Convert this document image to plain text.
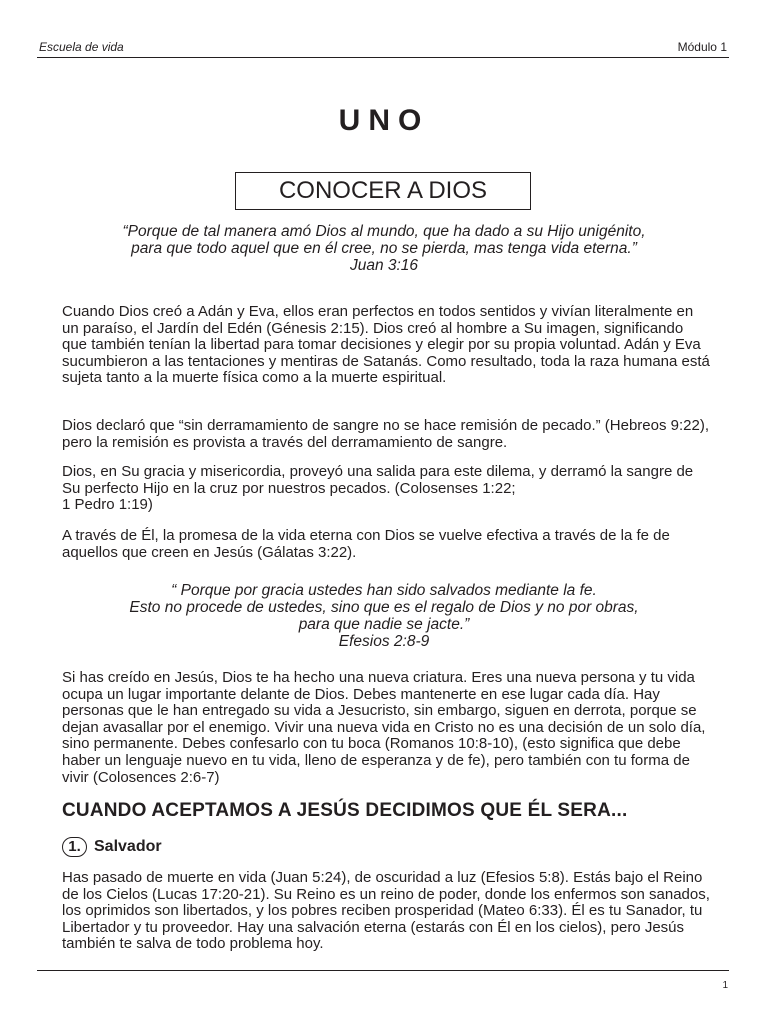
Escuela de vida	Módulo 1
UNO
CONOCER A DIOS
“Porque de tal manera amó Dios al mundo, que ha dado a su Hijo unigénito,
para que todo aquel que en él cree, no se pierda, mas tenga vida eterna.”
Juan 3:16
Cuando Dios creó a Adán y Eva, ellos eran perfectos en todos sentidos y vivían literalmente en un paraíso, el Jardín del Edén (Génesis 2:15). Dios creó al hombre a Su imagen, significando que también tenían la libertad para tomar decisiones y elegir por su propia voluntad. Adán y Eva sucumbieron a las tentaciones y mentiras de Satanás. Como resultado, toda la raza humana está sujeta tanto a la muerte física como a la muerte espiritual.
Dios declaró que “sin derramamiento de sangre no se hace remisión de pecado.” (Hebreos 9:22), pero la remisión es provista a través del derramamiento de sangre.
Dios, en Su gracia y misericordia, proveyó una salida para este dilema, y derramó la sangre de Su perfecto Hijo en la cruz por nuestros pecados. (Colosenses 1:22;
1 Pedro 1:19)
A través de Él, la promesa de la vida eterna con Dios se vuelve efectiva a través de la fe de aquellos que creen en Jesús (Gálatas 3:22).
“ Porque por gracia ustedes han sido salvados mediante la fe.
Esto no procede de ustedes, sino que es el regalo de Dios y no por obras,
para que nadie se jacte.”
Efesios 2:8-9
Si has creído en Jesús, Dios te ha hecho una nueva criatura. Eres una nueva persona y tu vida ocupa un lugar importante delante de Dios. Debes mantenerte en ese lugar cada día. Hay personas que le han entregado su vida a Jesucristo, sin embargo, siguen en derrota, porque se dejan avasallar por el enemigo. Vivir una nueva vida en Cristo no es una decisión de un solo día, sino permanente. Debes confesarlo con tu boca (Romanos 10:8-10), (esto significa que debe haber un lenguaje nuevo en tu vida, lleno de esperanza y de fe), pero también con tu forma de vivir (Colosences 2:6-7)
CUANDO ACEPTAMOS A JESÚS DECIDIMOS QUE ÉL SERA...
1. Salvador
Has pasado de muerte en vida (Juan 5:24), de oscuridad a luz (Efesios 5:8). Estás bajo el Reino de los Cielos (Lucas 17:20-21). Su Reino es un reino de poder, donde los enfermos son sanados, los oprimidos son libertados, y los pobres reciben prosperidad (Mateo 6:33). Él es tu Sanador, tu Libertador y tu proveedor. Hay una salvación eterna (estarás con Él en los cielos), pero Jesús también te salva de todo problema hoy.
1
